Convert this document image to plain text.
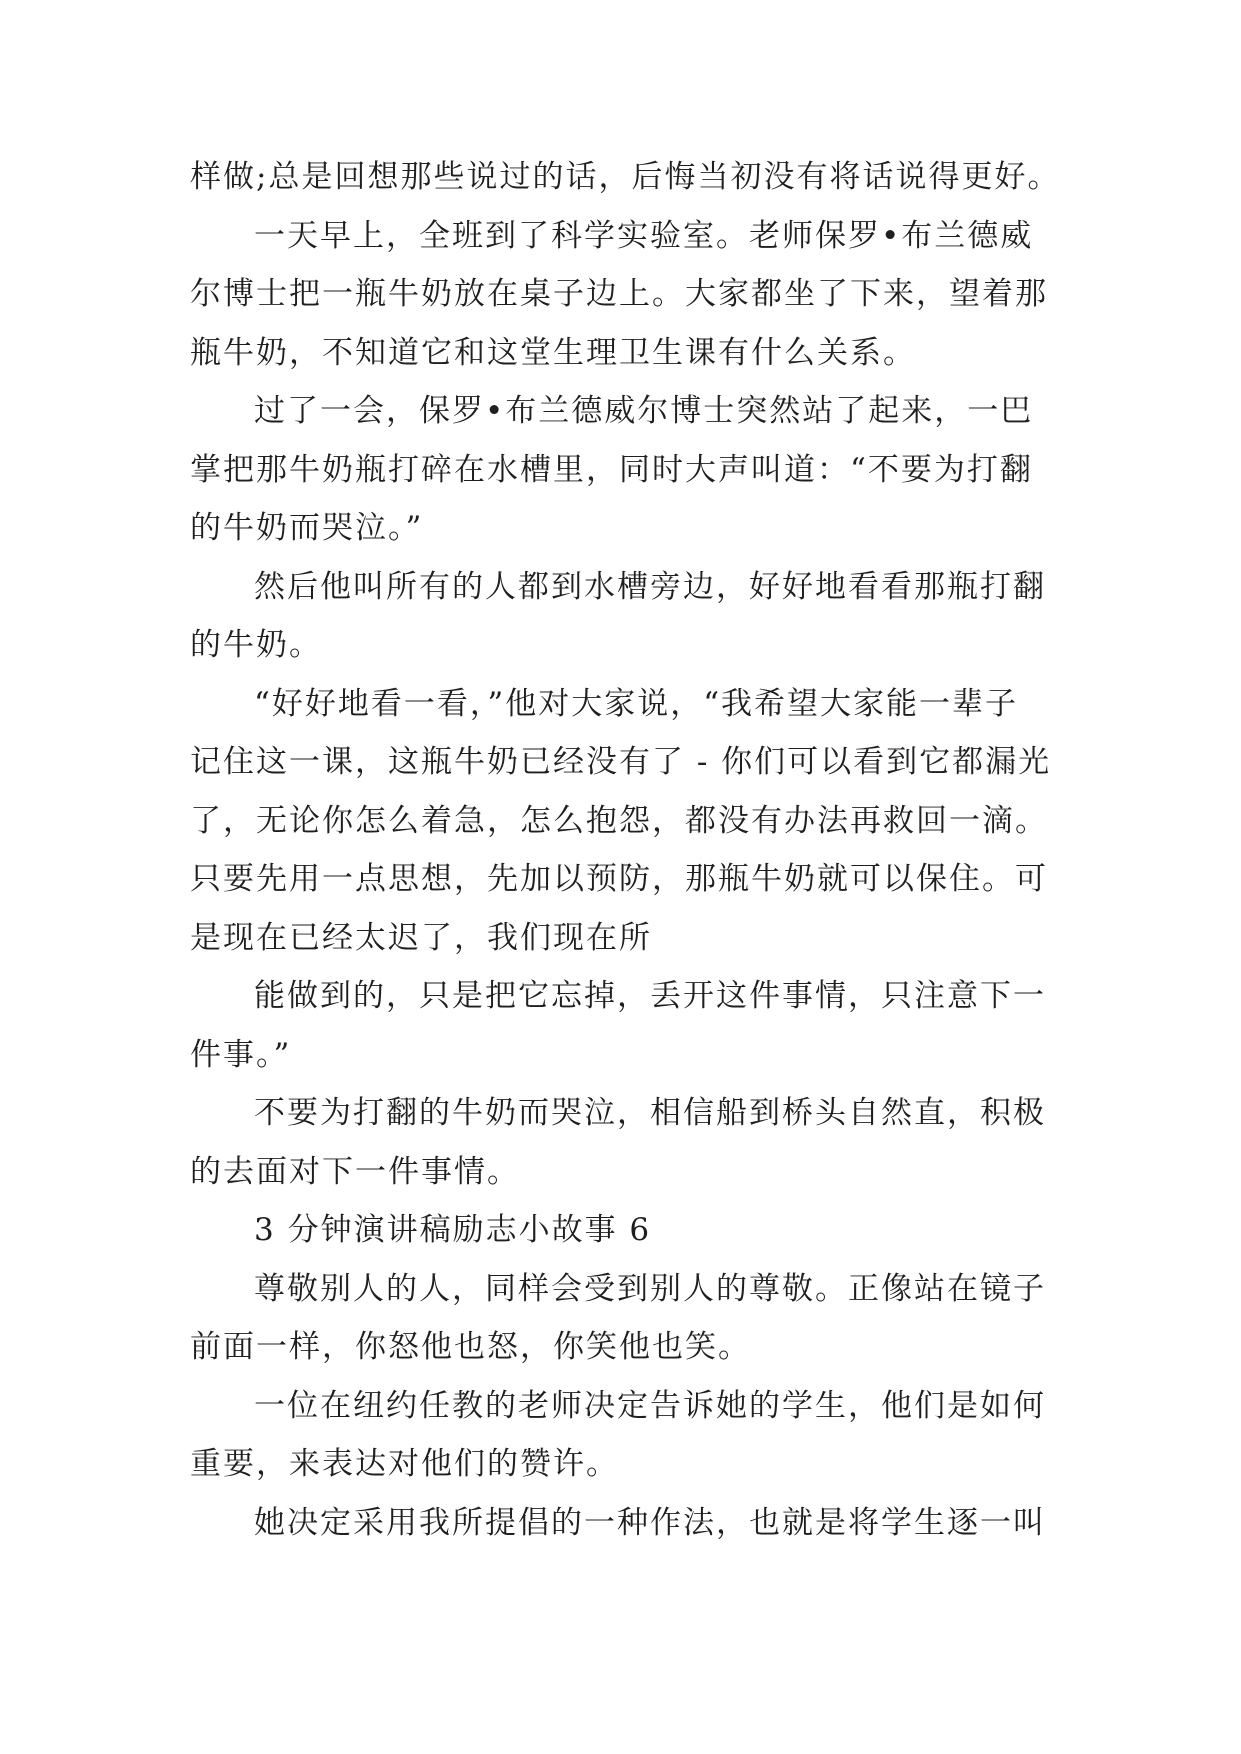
样做;总是回想那些说过的话，后悔当初没有将话说得更好。
一天早上，全班到了科学实验室。老师保罗•布兰德威
尔博士把一瓶牛奶放在桌子边上。大家都坐了下来，望着那
瓶牛奶，不知道它和这堂生理卫生课有什么关系。
过了一会，保罗•布兰德威尔博士突然站了起来，一巴
掌把那牛奶瓶打碎在水槽里，同时大声叫道：“不要为打翻
的牛奶而哭泣。”
然后他叫所有的人都到水槽旁边，好好地看看那瓶打翻
的牛奶。
“好好地看一看，”他对大家说，“我希望大家能一辈子
记住这一课，这瓶牛奶已经没有了 - 你们可以看到它都漏光
了，无论你怎么着急，怎么抱怨，都没有办法再救回一滴。
只要先用一点思想，先加以预防，那瓶牛奶就可以保住。可
是现在已经太迟了，我们现在所
能做到的，只是把它忘掉，丢开这件事情，只注意下一
件事。”
不要为打翻的牛奶而哭泣，相信船到桥头自然直，积极
的去面对下一件事情。
3 分钟演讲稿励志小故事 6
尊敬别人的人，同样会受到别人的尊敬。正像站在镜子
前面一样，你怒他也怒，你笑他也笑。
一位在纽约任教的老师决定告诉她的学生，他们是如何
重要，来表达对他们的赞许。
她决定采用我所提倡的一种作法，也就是将学生逐一叫
